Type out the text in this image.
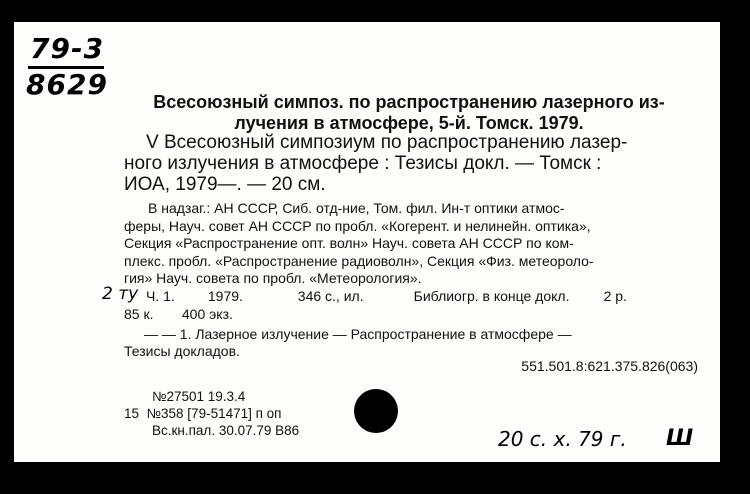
79-3
8629
Всесоюзный симпоз. по распространению лазерного из-
лучения в атмосфере, 5-й. Томск. 1979.
V Всесоюзный симпозиум по распространению лазер-
ного излучения в атмосфере : Тезисы докл. — Томск :
ИОА, 1979—. — 20 см.
В надзаг.: АН СССР, Сиб. отд-ние, Том. фил. Ин-т оптики атмос-
феры, Науч. совет АН СССР по пробл. «Когерент. и нелинейн. оптика»,
Секция «Распространение опт. волн» Науч. совета АН СССР по ком-
плекс. пробл. «Распространение радиоволн», Секция «Физ. метеороло-
гия» Науч. совета по пробл. «Метеорология».
2 ту Ч. 1. 1979.	346 с., ил.	Библиогр. в конце докл. 2 р.
85 к. 400 экз.
— — 1. Лазерное излучение — Распространение в атмосфере —
Тезисы докладов.
551.501.8:621.375.826(063)
№27501 19.3.4
15 №358 [79-51471] п оп
Вс.кн.пал. 30.07.79 В86	20 с. х. 79 г. Ш
